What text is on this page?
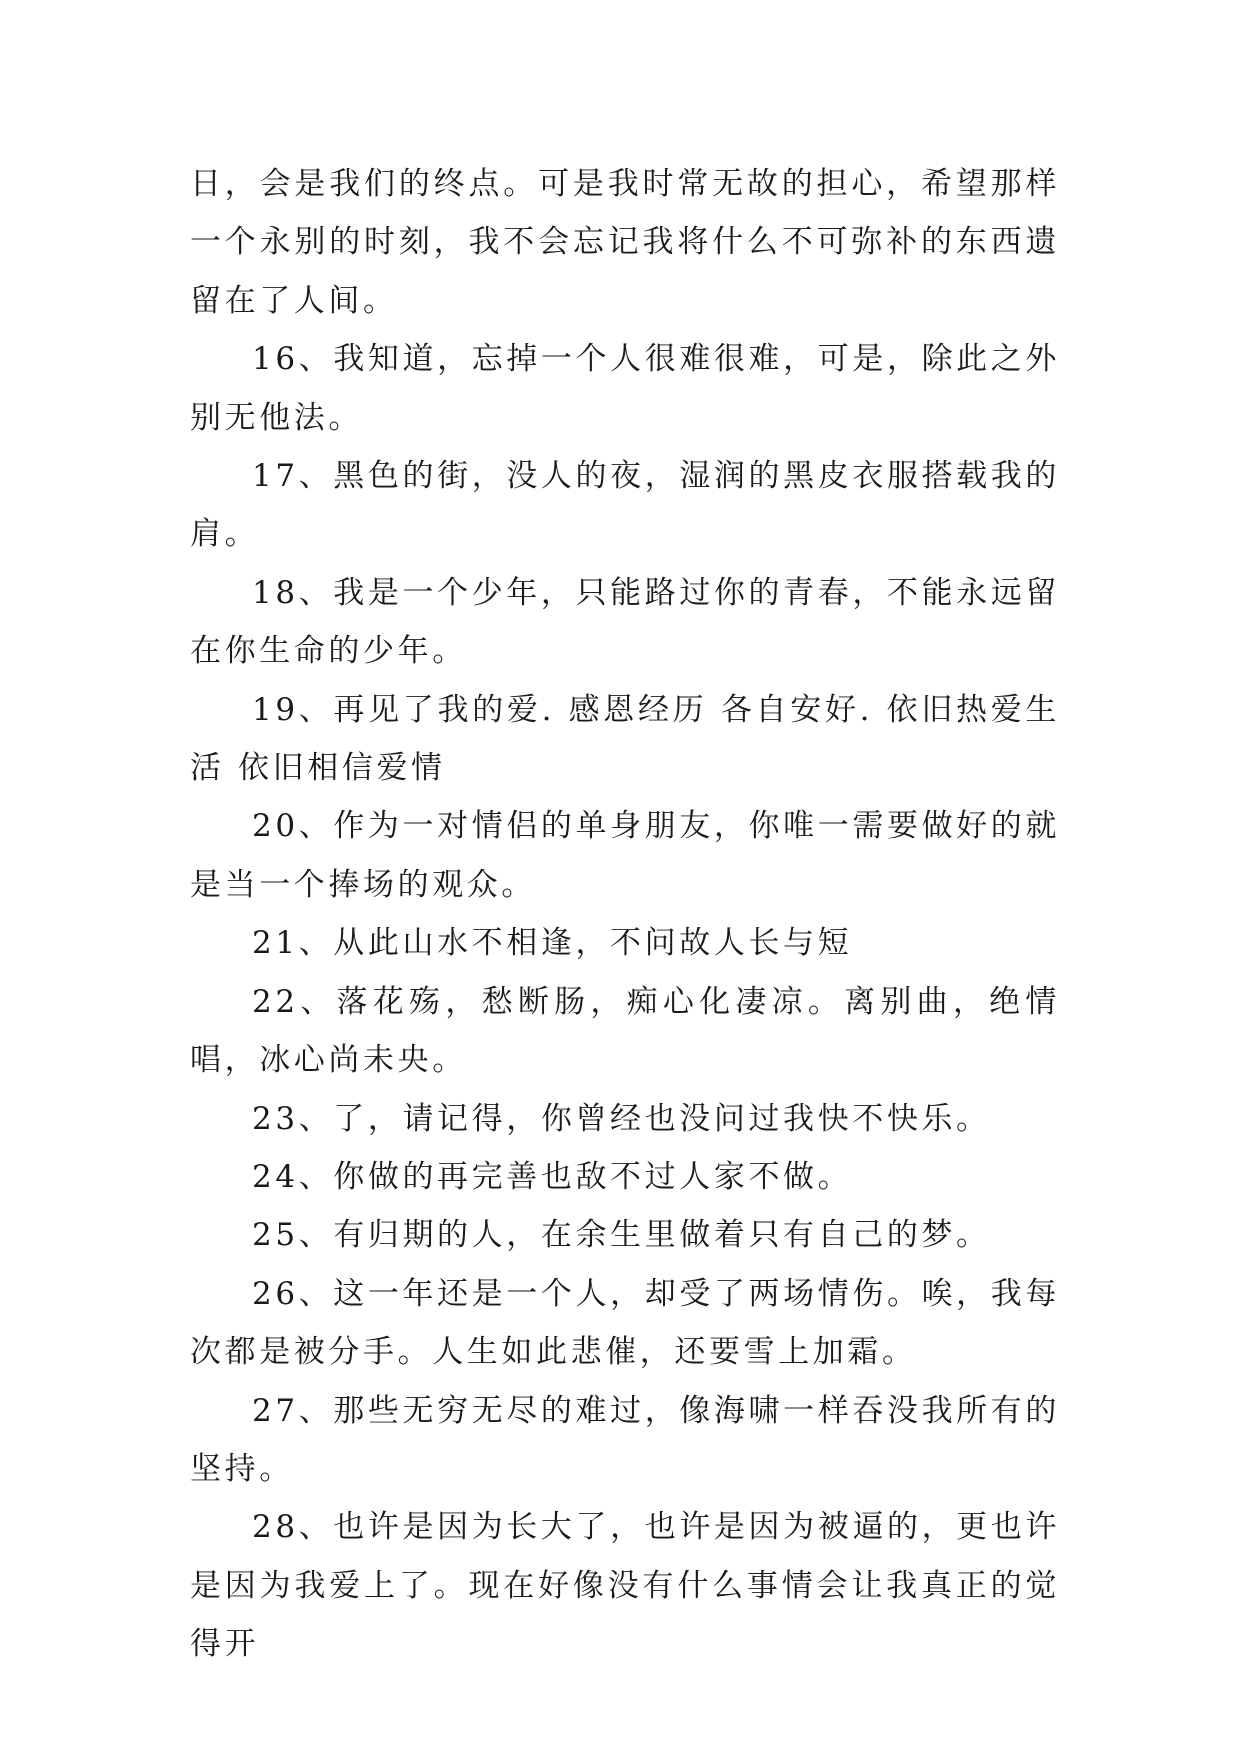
日，会是我们的终点。可是我时常无故的担心，希望那样一个永别的时刻，我不会忘记我将什么不可弥补的东西遗留在了人间。

16、我知道，忘掉一个人很难很难，可是，除此之外别无他法。

17、黑色的街，没人的夜，湿润的黑皮衣服搭载我的肩。

18、我是一个少年，只能路过你的青春，不能永远留在你生命的少年。

19、再见了我的爱. 感恩经历 各自安好. 依旧热爱生活 依旧相信爱情

20、作为一对情侣的单身朋友，你唯一需要做好的就是当一个捧场的观众。

21、从此山水不相逢，不问故人长与短

22、落花殇，愁断肠，痴心化凄凉。离别曲，绝情唱，冰心尚未央。

23、了，请记得，你曾经也没问过我快不快乐。

24、你做的再完善也敌不过人家不做。

25、有归期的人，在余生里做着只有自己的梦。

26、这一年还是一个人，却受了两场情伤。唉，我每次都是被分手。人生如此悲催，还要雪上加霜。

27、那些无穷无尽的难过，像海啸一样吞没我所有的坚持。

28、也许是因为长大了，也许是因为被逼的，更也许是因为我爱上了。现在好像没有什么事情会让我真正的觉得开
